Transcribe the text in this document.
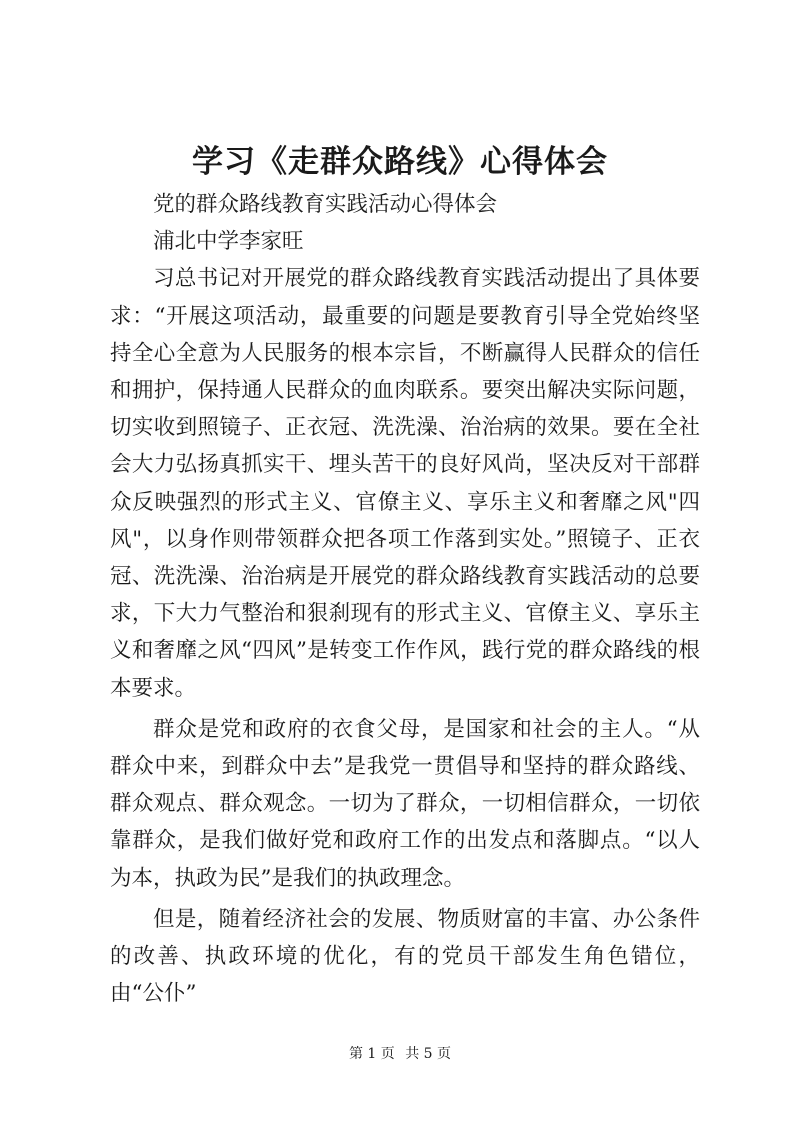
学习《走群众路线》心得体会

党的群众路线教育实践活动心得体会

浦北中学李家旺

习总书记对开展党的群众路线教育实践活动提出了具体要求：“开展这项活动，最重要的问题是要教育引导全党始终坚持全心全意为人民服务的根本宗旨，不断赢得人民群众的信任和拥护，保持通人民群众的血肉联系。要突出解决实际问题，切实收到照镜子、正衣冠、洗洗澡、治治病的效果。要在全社会大力弘扬真抓实干、埋头苦干的良好风尚，坚决反对干部群众反映强烈的形式主义、官僚主义、享乐主义和奢靡之风"四风"，以身作则带领群众把各项工作落到实处。”照镜子、正衣冠、洗洗澡、治治病是开展党的群众路线教育实践活动的总要求，下大力气整治和狠刹现有的形式主义、官僚主义、享乐主义和奢靡之风“四风”是转变工作作风，践行党的群众路线的根本要求。

群众是党和政府的衣食父母，是国家和社会的主人。“从群众中来，到群众中去”是我党一贯倡导和坚持的群众路线、群众观点、群众观念。一切为了群众，一切相信群众，一切依靠群众，是我们做好党和政府工作的出发点和落脚点。“以人为本，执政为民”是我们的执政理念。

但是，随着经济社会的发展、物质财富的丰富、办公条件的改善、执政环境的优化，有的党员干部发生角色错位，由“公仆”

第 1 页 共 5 页
